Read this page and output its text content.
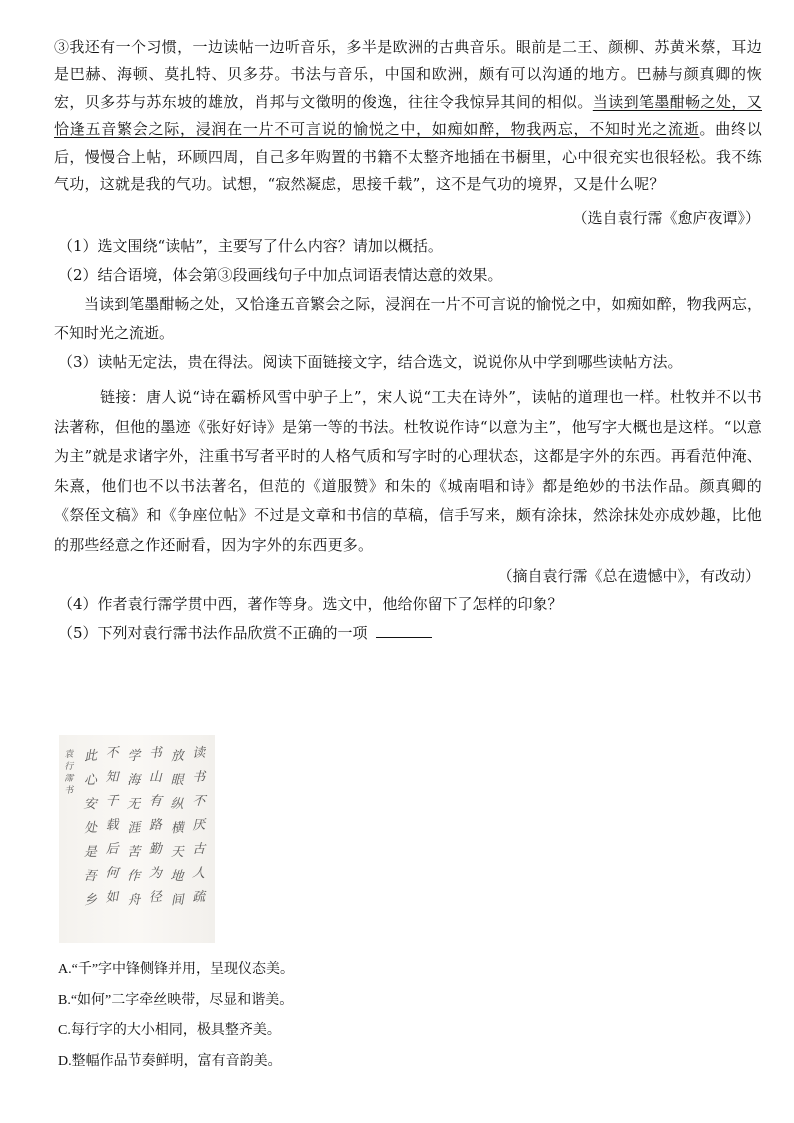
③我还有一个习惯，一边读帖一边听音乐，多半是欧洲的古典音乐。眼前是二王、颜柳、苏黄米蔡，耳边是巴赫、海顿、莫扎特、贝多芬。书法与音乐，中国和欧洲，颇有可以沟通的地方。巴赫与颜真卿的恢宏，贝多芬与苏东坡的雄放，肖邦与文徵明的俊逸，往往令我惊异其间的相似。当读到笔墨酣畅之处，又恰逢五音繁会之际，浸润在一片不可言说的愉悦之中，如痴如醉，物我两忘，不知时光之流逝。曲终以后，慢慢合上帖，环顾四周，自己多年购置的书籍不太整齐地插在书橱里，心中很充实也很轻松。我不练气功，这就是我的气功。试想，“寂然凝虑，思接千载”，这不是气功的境界，又是什么呢？

（选自袁行霈《愈庐夜谭》）

（1）选文围绕“读帖”，主要写了什么内容？请加以概括。

（2）结合语境，体会第③段画线句子中加点词语表情达意的效果。

当读到笔墨酣畅之处，又恰逢五音繁会之际，浸润在一片不可言说的愉悦之中，如痴如醉，物我两忘，不知时光之流逝。

（3）读帖无定法，贵在得法。阅读下面链接文字，结合选文，说说你从中学到哪些读帖方法。

链接：唐人说“诗在霸桥风雪中驴子上”，宋人说“工夫在诗外”，读帖的道理也一样。杜牧并不以书法著称，但他的墨迹《张好好诗》是第一等的书法。杜牧说作诗“以意为主”，他写字大概也是这样。“以意为主”就是求诸字外，注重书写者平时的人格气质和写字时的心理状态，这都是字外的东西。再看范仲淹、朱熹，他们也不以书法著名，但范的《道服赞》和朱的《城南唱和诗》都是绝妙的书法作品。颜真卿的《祭侄文稿》和《争座位帖》不过是文章和书信的草稿，信手写来，颇有涂抹，然涂抹处亦成妙趣，比他的那些经意之作还耐看，因为字外的东西更多。

（摘自袁行霈《总在遗憾中》，有改动）

（4）作者袁行霈学贯中西，著作等身。选文中，他给你留下了怎样的印象？

（5）下列对袁行霈书法作品欣赏不正确的一项

读
书
不
厌
古
人
疏
放
眼
纵
横
天
地
间
书
山
有
路
勤
为
径
学
海
无
涯
苦
作
舟
不
知
千
载
后
何
如
此
心
安
处
是
吾
乡
袁
行
霈
书

A.“千”字中锋侧锋并用，呈现仪态美。

B.“如何”二字牵丝映带，尽显和谐美。

C.每行字的大小相同，极具整齐美。

D.整幅作品节奏鲜明，富有音韵美。
